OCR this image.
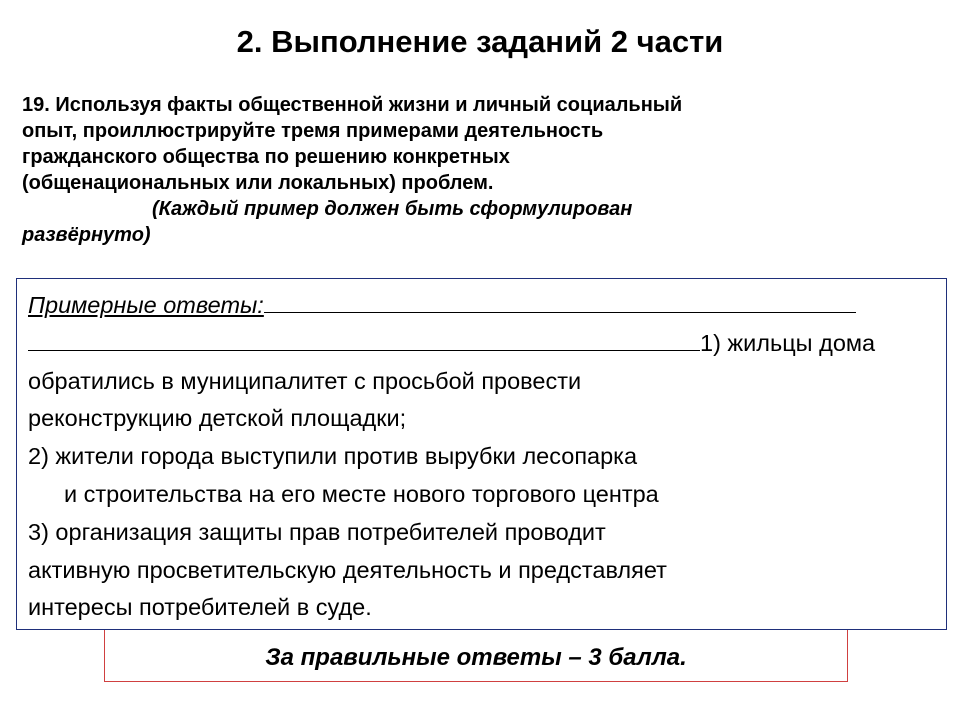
2. Выполнение заданий 2 части
19. Используя факты общественной жизни и личный социальный
опыт, проиллюстрируйте тремя примерами деятельность
гражданского общества по решению конкретных
(общенациональных или локальных) проблем.
(Каждый пример должен быть сформулирован
развёрнуто)
Примерные ответы:
1) жильцы дома
обратились в муниципалитет с просьбой провести
реконструкцию детской площадки;
2) жители города выступили против вырубки лесопарка
и строительства на его месте нового торгового центра
3) организация защиты прав потребителей проводит
активную просветительскую деятельность и представляет
интересы потребителей в суде.
За правильные ответы – 3 балла.
